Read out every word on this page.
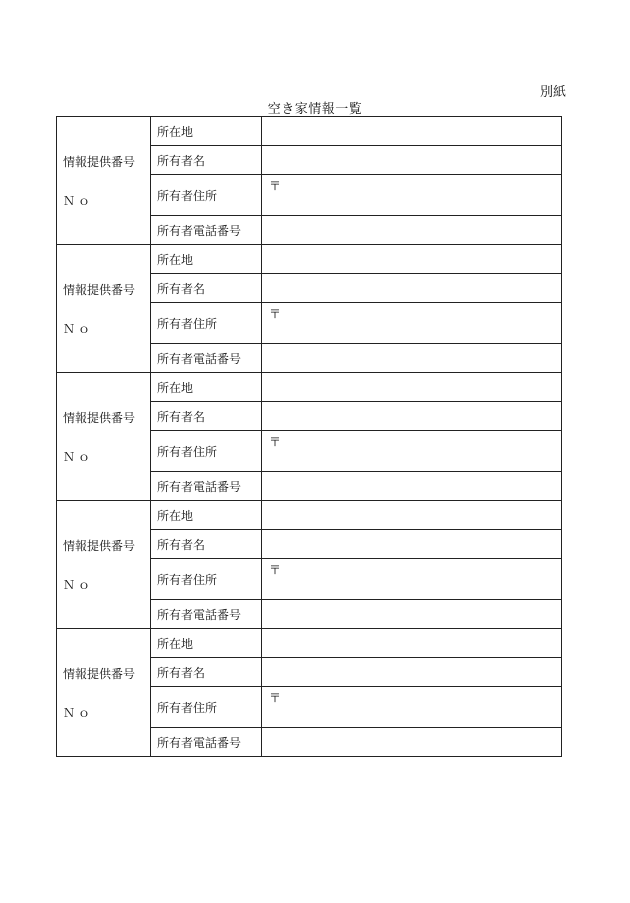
別紙
空き家情報一覧
情報提供番号
Ｎｏ	所在地	
	所有者名	
	所有者住所	〒

	所有者電話番号	

情報提供番号
Ｎｏ	所在地	
	所有者名	
	所有者住所	〒

	所有者電話番号	

情報提供番号
Ｎｏ	所在地	
	所有者名	
	所有者住所	〒

	所有者電話番号	

情報提供番号
Ｎｏ	所在地	
	所有者名	
	所有者住所	〒

	所有者電話番号	

情報提供番号
Ｎｏ	所在地	
	所有者名	
	所有者住所	〒

	所有者電話番号	
